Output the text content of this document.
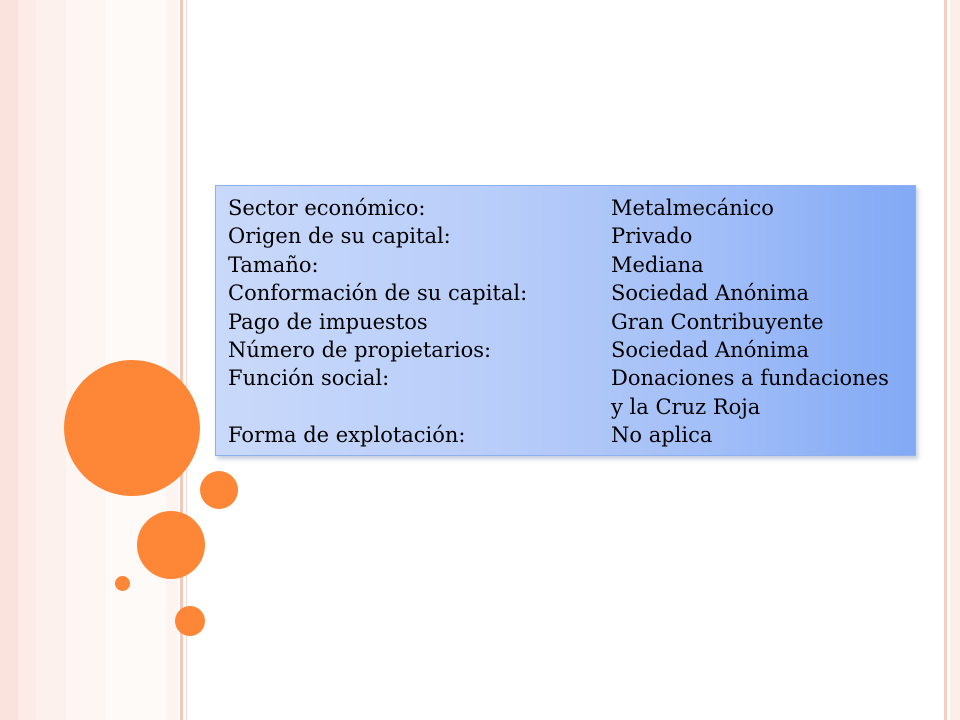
Sector económico:	Metalmecánico
Origen de su capital:	Privado
Tamaño:	Mediana
Conformación de su capital:	Sociedad Anónima
Pago de impuestos	Gran Contribuyente
Número de propietarios:	Sociedad Anónima
Función social:	Donaciones a fundaciones
y la Cruz Roja
Forma de explotación:	No aplica
